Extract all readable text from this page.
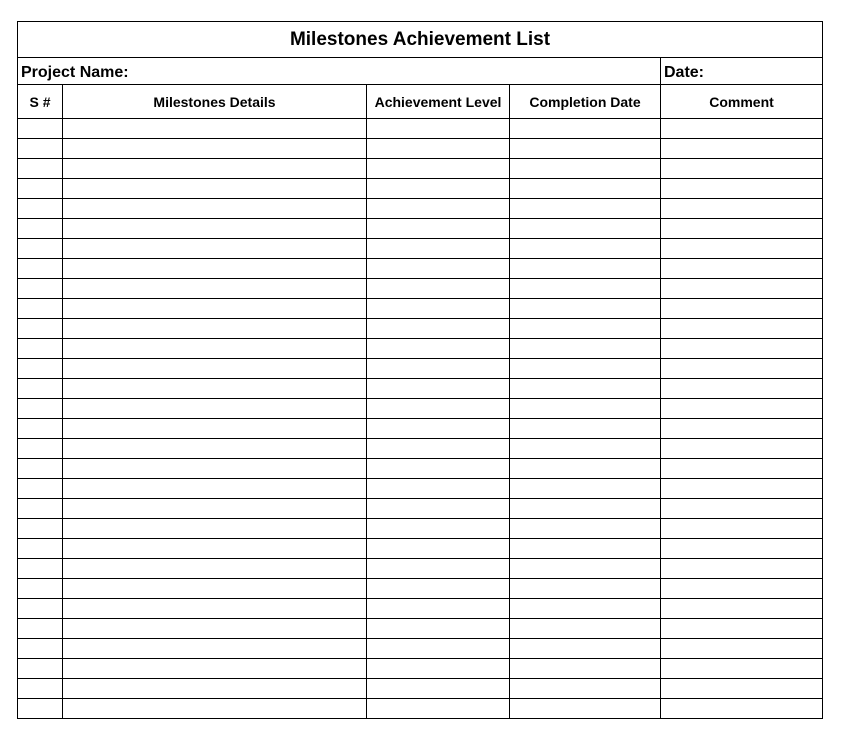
Milestones Achievement List				
Project Name:				Date:
S #	Milestones Details	Achievement Level	Completion Date	Comment
